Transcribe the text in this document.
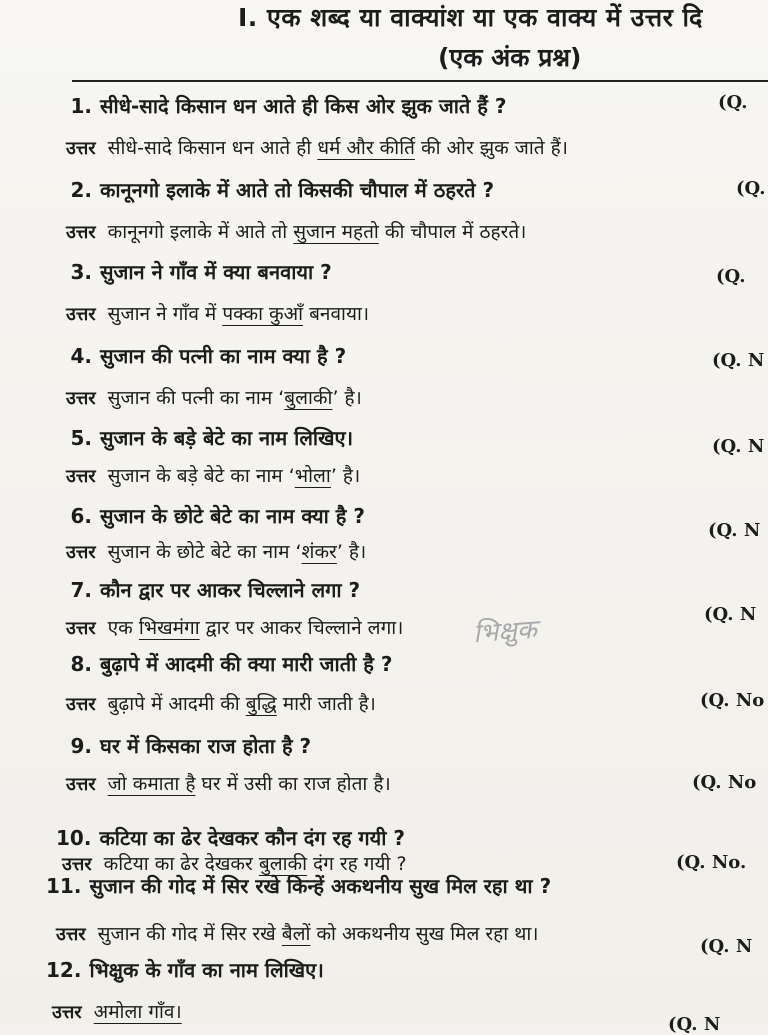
I. एक शब्द या वाक्यांश या एक वाक्य में उत्तर दि
(एक अंक प्रश्न)
1. सीधे-सादे किसान धन आते ही किस ओर झुक जाते हैं ?
उत्तर सीधे-सादे किसान धन आते ही धर्म और कीर्ति की ओर झुक जाते हैं।
(Q.
2. कानूनगो इलाके में आते तो किसकी चौपाल में ठहरते ?
उत्तर कानूनगो इलाके में आते तो सुजान महतो की चौपाल में ठहरते।
(Q.
3. सुजान ने गाँव में क्या बनवाया ?
उत्तर सुजान ने गाँव में पक्का कुआँ बनवाया।
(Q.
4. सुजान की पत्नी का नाम क्या है ?
उत्तर सुजान की पत्नी का नाम ‘बुलाकी’ है।
(Q. N
5. सुजान के बड़े बेटे का नाम लिखिए।
उत्तर सुजान के बड़े बेटे का नाम ‘भोला’ है।
(Q. N
6. सुजान के छोटे बेटे का नाम क्या है ?
उत्तर सुजान के छोटे बेटे का नाम ‘शंकर’ है।
(Q. N
7. कौन द्वार पर आकर चिल्लाने लगा ?
उत्तर एक भिखमंगा द्वार पर आकर चिल्लाने लगा।
(Q. N
8. बुढ़ापे में आदमी की क्या मारी जाती है ?
उत्तर बुढ़ापे में आदमी की बुद्धि मारी जाती है।	(Q. No
9. घर में किसका राज होता है ?
उत्तर जो कमाता है घर में उसी का राज होता है।	(Q. No
10. कटिया का ढेर देखकर कौन दंग रह गयी ?
उत्तर कटिया का ढेर देखकर बुलाकी दंग रह गयी ?	(Q. No.
11. सुजान की गोद में सिर रखे किन्हें अकथनीय सुख मिल रहा था ?
उत्तर सुजान की गोद में सिर रखे बैलों को अकथनीय सुख मिल रहा था।
(Q. N
12. भिक्षुक के गाँव का नाम लिखिए।
उत्तर अमोला गाँव।
(Q. N
भिक्षुक
